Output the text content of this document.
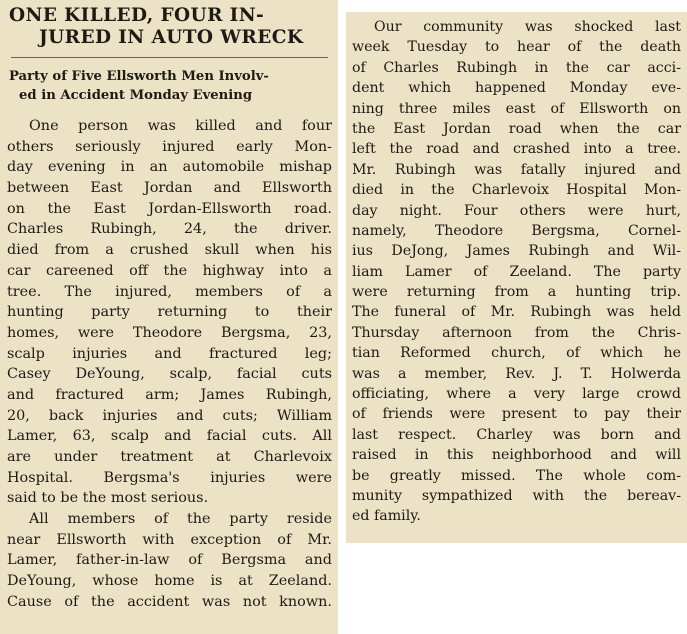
ONE KILLED, FOUR IN-
JURED IN AUTO WRECK
Party of Five Ellsworth Men Involv-
ed in Accident Monday Evening
One person was killed and four
others seriously injured early Mon-
day evening in an automobile mishap
between East Jordan and Ellsworth
on the East Jordan-Ellsworth road.
Charles Rubingh, 24, the driver.
died from a crushed skull when his
car careened off the highway into a
tree. The injured, members of a
hunting party returning to their
homes, were Theodore Bergsma, 23,
scalp injuries and fractured leg;
Casey DeYoung, scalp, facial cuts
and fractured arm; James Rubingh,
20, back injuries and cuts; William
Lamer, 63, scalp and facial cuts. All
are under treatment at Charlevoix
Hospital. Bergsma's injuries were
said to be the most serious.
All members of the party reside
near Ellsworth with exception of Mr.
Lamer, father-in-law of Bergsma and
DeYoung, whose home is at Zeeland.
Cause of the accident was not known.
Our community was shocked last
week Tuesday to hear of the death
of Charles Rubingh in the car acci-
dent which happened Monday eve-
ning three miles east of Ellsworth on
the East Jordan road when the car
left the road and crashed into a tree.
Mr. Rubingh was fatally injured and
died in the Charlevoix Hospital Mon-
day night. Four others were hurt,
namely, Theodore Bergsma, Cornel-
ius DeJong, James Rubingh and Wil-
liam Lamer of Zeeland. The party
were returning from a hunting trip.
The funeral of Mr. Rubingh was held
Thursday afternoon from the Chris-
tian Reformed church, of which he
was a member, Rev. J. T. Holwerda
officiating, where a very large crowd
of friends were present to pay their
last respect. Charley was born and
raised in this neighborhood and will
be greatly missed. The whole com-
munity sympathized with the bereav-
ed family.
